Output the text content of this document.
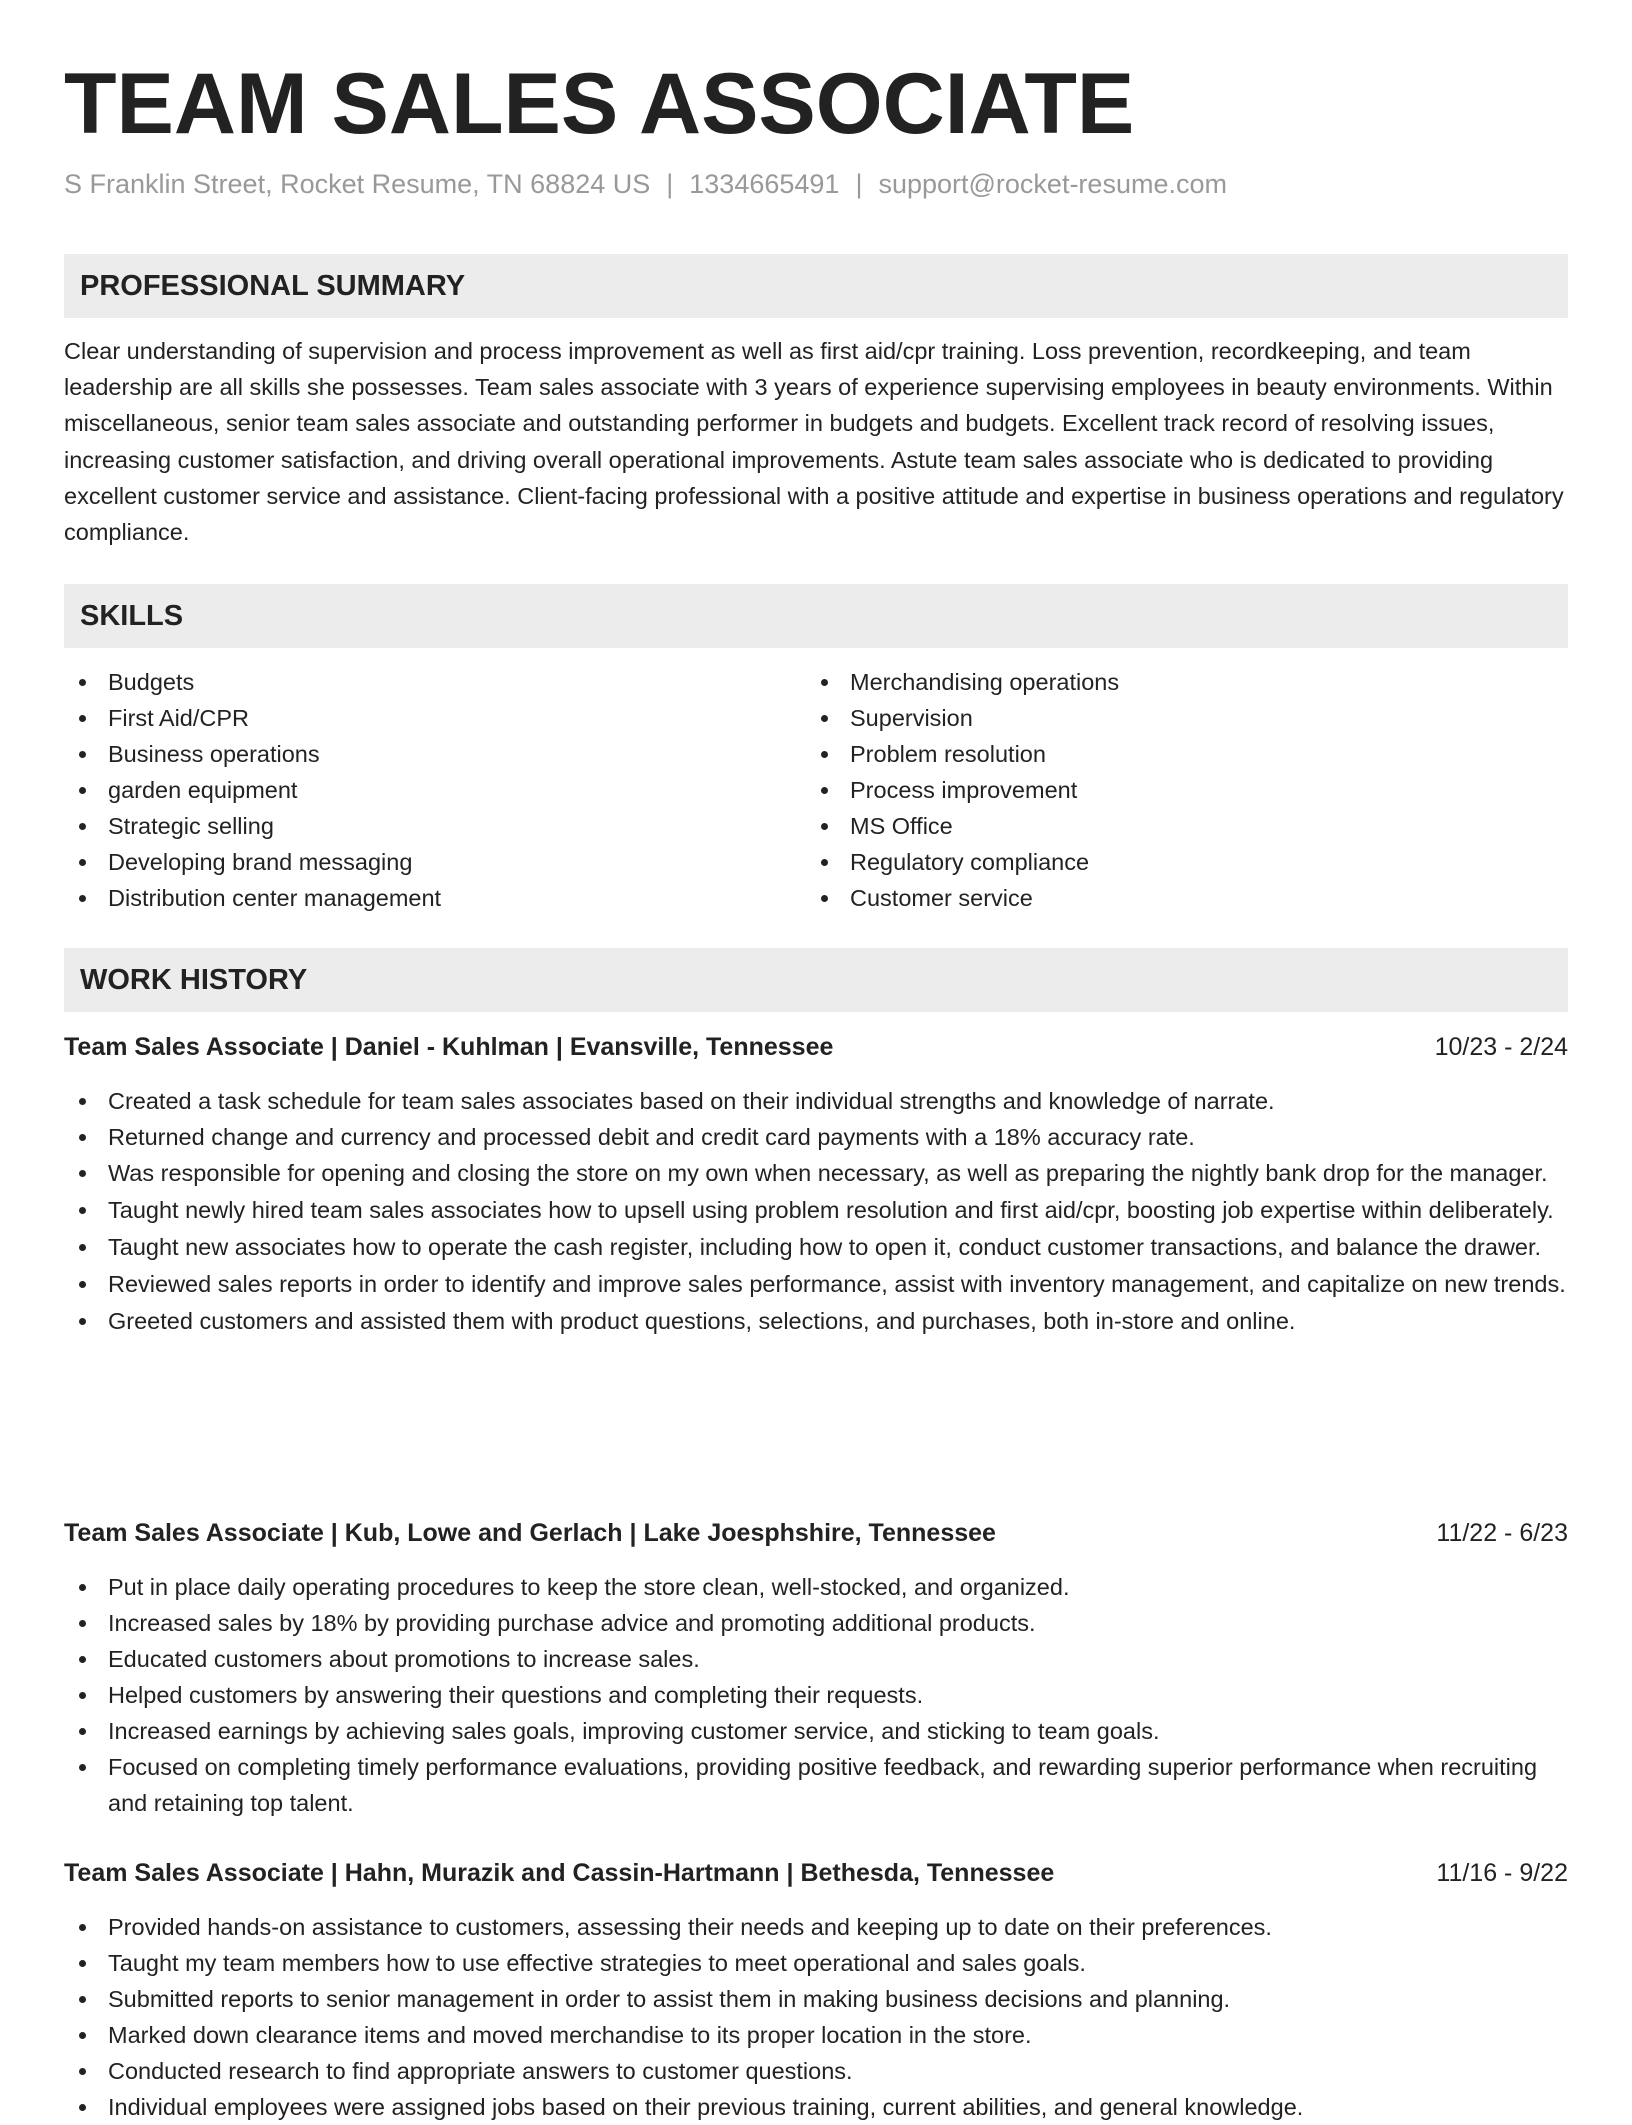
TEAM SALES ASSOCIATE
S Franklin Street, Rocket Resume, TN 68824 US | 1334665491 | support@rocket-resume.com
PROFESSIONAL SUMMARY

Clear understanding of supervision and process improvement as well as first aid/cpr training. Loss prevention, recordkeeping, and team leadership are all skills she possesses. Team sales associate with 3 years of experience supervising employees in beauty environments. Within miscellaneous, senior team sales associate and outstanding performer in budgets and budgets. Excellent track record of resolving issues, increasing customer satisfaction, and driving overall operational improvements. Astute team sales associate who is dedicated to providing excellent customer service and assistance. Client-facing professional with a positive attitude and expertise in business operations and regulatory compliance.

SKILLS
Budgets
First Aid/CPR
Business operations
garden equipment
Strategic selling
Developing brand messaging
Distribution center management
Merchandising operations
Supervision
Problem resolution
Process improvement
MS Office
Regulatory compliance
Customer service
WORK HISTORY
Team Sales Associate | Daniel - Kuhlman | Evansville, Tennessee	10/23 - 2/24
Created a task schedule for team sales associates based on their individual strengths and knowledge of narrate.
Returned change and currency and processed debit and credit card payments with a 18% accuracy rate.
Was responsible for opening and closing the store on my own when necessary, as well as preparing the nightly bank drop for the manager.
Taught newly hired team sales associates how to upsell using problem resolution and first aid/cpr, boosting job expertise within deliberately.
Taught new associates how to operate the cash register, including how to open it, conduct customer transactions, and balance the drawer.
Reviewed sales reports in order to identify and improve sales performance, assist with inventory management, and capitalize on new trends.
Greeted customers and assisted them with product questions, selections, and purchases, both in-store and online.
Team Sales Associate | Kub, Lowe and Gerlach | Lake Joesphshire, Tennessee	11/22 - 6/23
Put in place daily operating procedures to keep the store clean, well-stocked, and organized.
Increased sales by 18% by providing purchase advice and promoting additional products.
Educated customers about promotions to increase sales.
Helped customers by answering their questions and completing their requests.
Increased earnings by achieving sales goals, improving customer service, and sticking to team goals.
Focused on completing timely performance evaluations, providing positive feedback, and rewarding superior performance when recruiting and retaining top talent.
Team Sales Associate | Hahn, Murazik and Cassin-Hartmann | Bethesda, Tennessee	11/16 - 9/22
Provided hands-on assistance to customers, assessing their needs and keeping up to date on their preferences.
Taught my team members how to use effective strategies to meet operational and sales goals.
Submitted reports to senior management in order to assist them in making business decisions and planning.
Marked down clearance items and moved merchandise to its proper location in the store.
Conducted research to find appropriate answers to customer questions.
Individual employees were assigned jobs based on their previous training, current abilities, and general knowledge.
